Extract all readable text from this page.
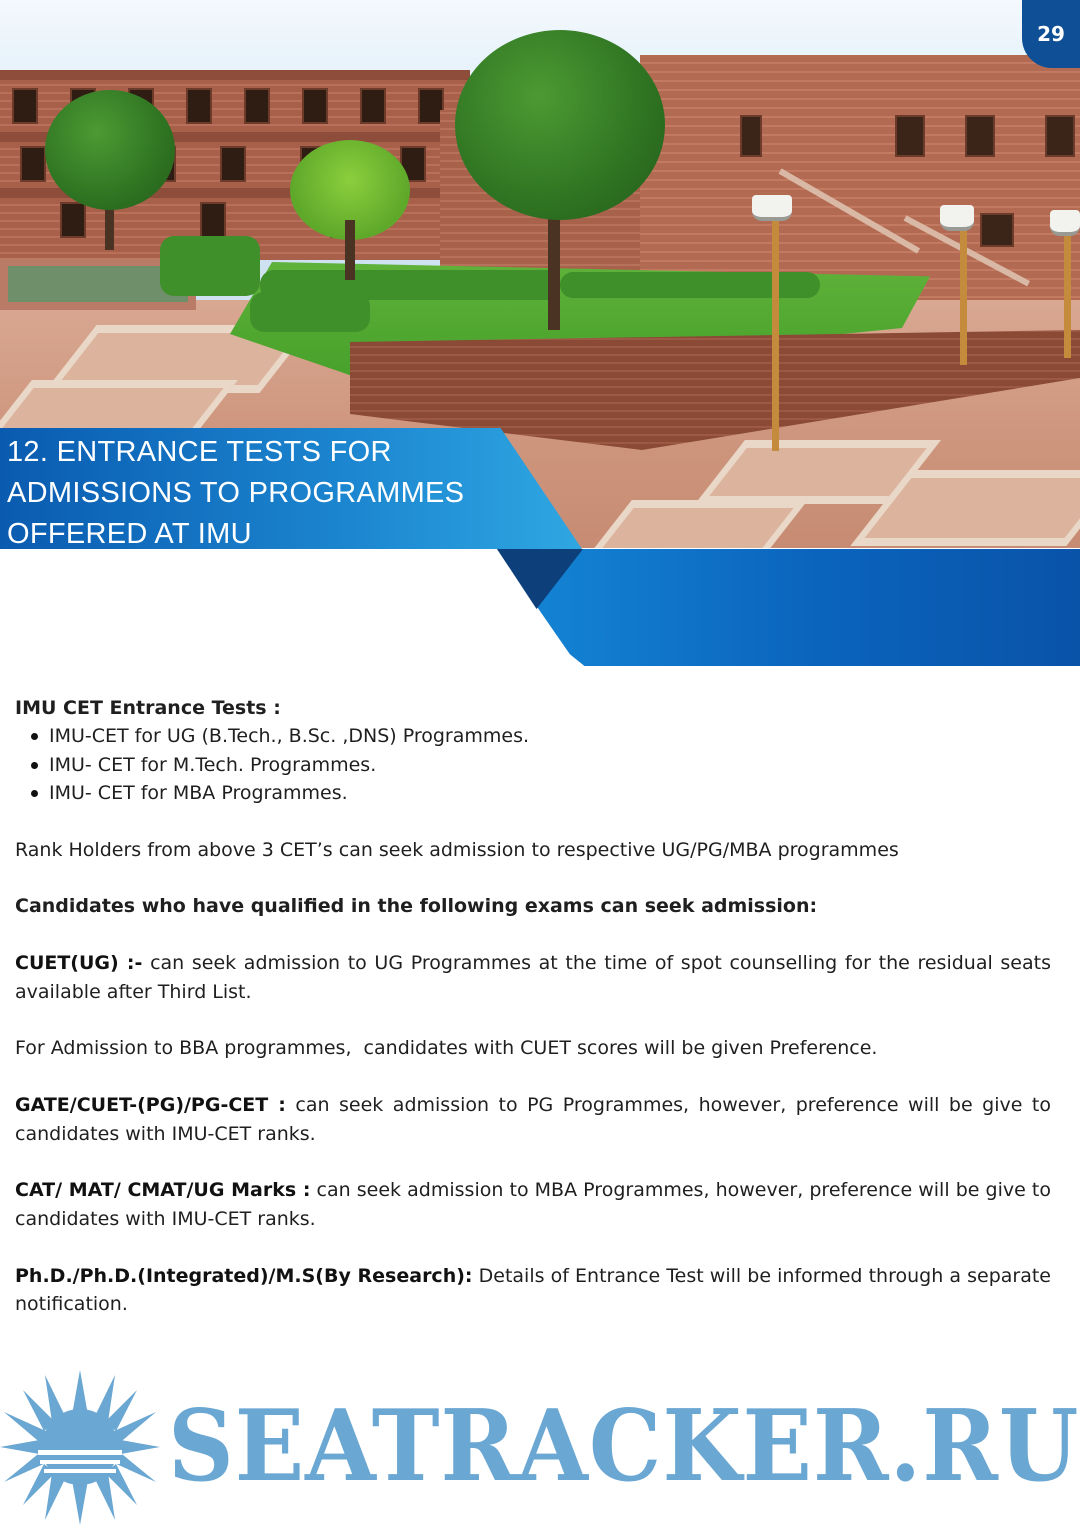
29
12. ENTRANCE TESTS FOR ADMISSIONS TO PROGRAMMES OFFERED AT IMU

IMU CET Entrance Tests :

IMU-CET for UG (B.Tech., B.Sc. ,DNS) Programmes.
IMU- CET for M.Tech. Programmes.
IMU- CET for MBA Programmes.

Rank Holders from above 3 CET’s can seek admission to respective UG/PG/MBA programmes

Candidates who have qualified in the following exams can seek admission:

CUET(UG) :- can seek admission to UG Programmes at the time of spot counselling for the residual seats available after Third List.

For Admission to BBA programmes,  candidates with CUET scores will be given Preference.

GATE/CUET-(PG)/PG-CET : can seek admission to PG Programmes, however, preference will be give to candidates with IMU-CET ranks.

CAT/ MAT/ CMAT/UG Marks : can seek admission to MBA Programmes, however, preference will be give to candidates with IMU-CET ranks.

Ph.D./Ph.D.(Integrated)/M.S(By Research): Details of Entrance Test will be informed through a separate notification.

SEATRACKER.RU
